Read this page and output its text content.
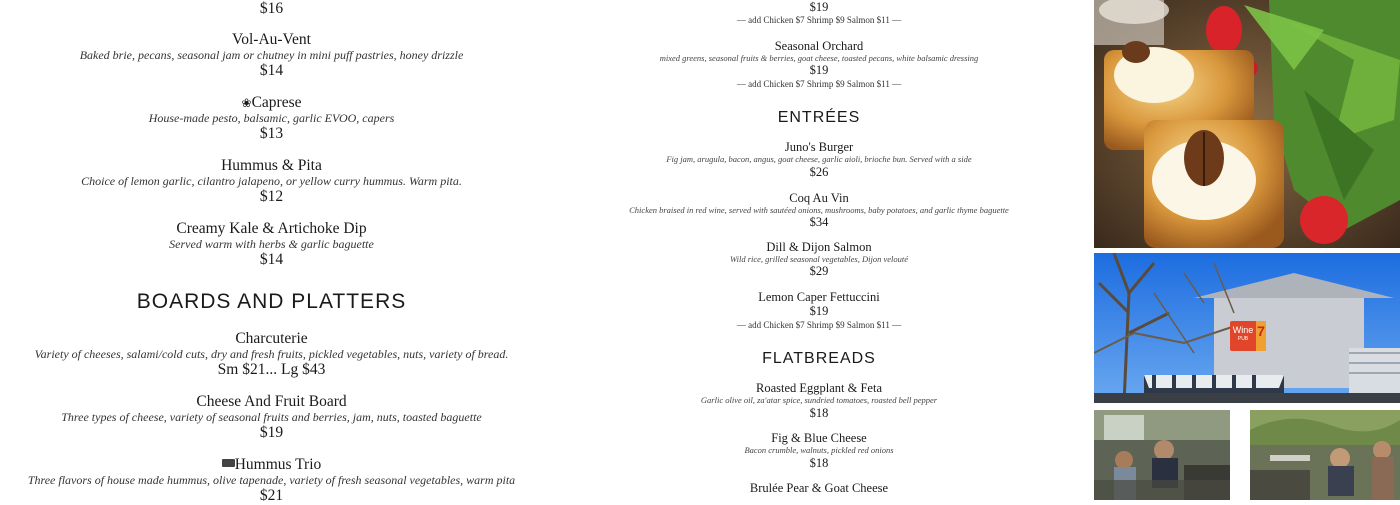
$16
Vol-Au-Vent
Baked brie, pecans, seasonal jam or chutney in mini puff pastries, honey drizzle
$14
❀Caprese
House-made pesto, balsamic, garlic EVOO, capers
$13
Hummus & Pita
Choice of lemon garlic, cilantro jalapeno, or yellow curry hummus. Warm pita.
$12
Creamy Kale & Artichoke Dip
Served warm with herbs & garlic baguette
$14
BOARDS AND PLATTERS
Charcuterie
Variety of cheeses, salami/cold cuts, dry and fresh fruits, pickled vegetables, nuts, variety of bread.
Sm $21... Lg $43
Cheese And Fruit Board
Three types of cheese, variety of seasonal fruits and berries, jam, nuts, toasted baguette
$19
Hummus Trio
Three flavors of house made hummus, olive tapenade, variety of fresh seasonal vegetables, warm pita
$21
$19
— add Chicken $7 Shrimp $9 Salmon $11 —
Seasonal Orchard
mixed greens, seasonal fruits & berries, goat cheese, toasted pecans, white balsamic dressing
$19
— add Chicken $7 Shrimp $9 Salmon $11 —
ENTRÉES
Juno's Burger
Fig jam, arugula, bacon, angus, goat cheese, garlic aioli, brioche bun. Served with a side
$26
Coq Au Vin
Chicken braised in red wine, served with sautéed onions, mushrooms, baby potatoes, and garlic thyme baguette
$34
Dill & Dijon Salmon
Wild rice, grilled seasonal vegetables, Dijon velouté
$29
Lemon Caper Fettuccini
$19
— add Chicken $7 Shrimp $9 Salmon $11 —
FLATBREADS
Roasted Eggplant & Feta
Garlic olive oil, za'atar spice, sundried tomatoes, roasted bell pepper
$18
Fig & Blue Cheese
Bacon crumble, walnuts, pickled red onions
$18
Brulée Pear & Goat Cheese
Wine
PUB 7
